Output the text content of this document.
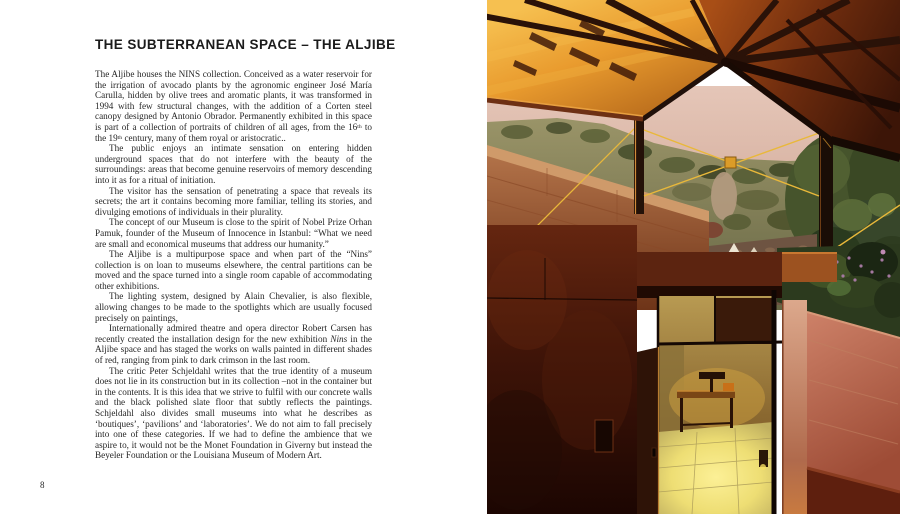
THE SUBTERRANEAN SPACE – THE ALJIBE

The Aljibe houses the NINS collection. Conceived as a water reservoir for the irrigation of avocado plants by the agronomic engineer José María Carulla, hidden by olive trees and aromatic plants, it was transformed in 1994 with few structural changes, with the addition of a Corten steel canopy designed by Antonio Obrador. Permanently exhibited in this space is part of a collection of portraits of children of all ages, from the 16th to the 19th century, many of them royal or aristocratic..

The public enjoys an intimate sensation on entering hidden underground spaces that do not interfere with the beauty of the surroundings: areas that become genuine reservoirs of memory descending into it as for a ritual of initiation.

The visitor has the sensation of penetrating a space that reveals its secrets; the art it contains becoming more familiar, telling its stories, and divulging emotions of individuals in their plurality.

The concept of our Museum is close to the spirit of Nobel Prize Orhan Pamuk, founder of the Museum of Innocence in Istanbul: “What we need are small and economical museums that address our humanity.”

The Aljibe is a multipurpose space and when part of the “Nins” collection is on loan to museums elsewhere, the central partitions can be moved and the space turned into a single room capable of accommodating other exhibitions.

The lighting system, designed by Alain Chevalier, is also flexible, allowing changes to be made to the spotlights which are usually focused precisely on paintings,

Internationally admired theatre and opera director Robert Carsen has recently created the installation design for the new exhibition Nins in the Aljibe space and has staged the works on walls painted in different shades of red, ranging from pink to dark crimson in the last room.

The critic Peter Schjeldahl writes that the true identity of a museum does not lie in its construction but in its collection –not in the container but in the contents. It is this idea that we strive to fulfil with our concrete walls and the black polished slate floor that subtly reflects the paintings. Schjeldahl also divides small museums into what he describes as ‘boutiques’, ‘pavilions’ and ‘laboratories’. We do not aim to fall precisely into one of these categories. If we had to define the ambience that we aspire to, it would not be the Monet Foundation in Giverny but instead the Beyeler Foundation or the Louisiana Museum of Modern Art.

8
